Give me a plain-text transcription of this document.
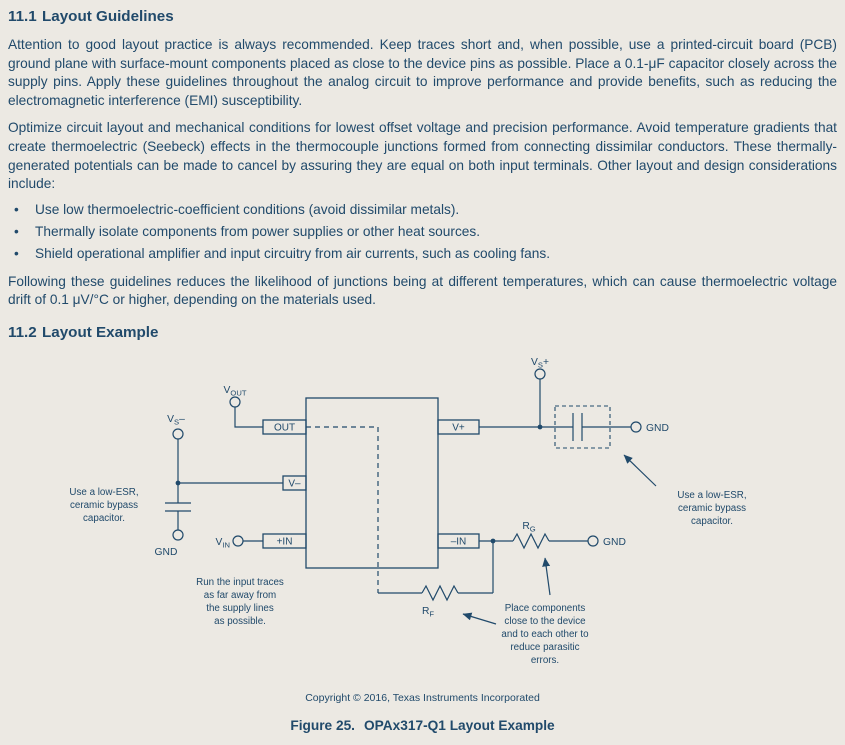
11.1 Layout Guidelines

Attention to good layout practice is always recommended. Keep traces short and, when possible, use a printed-circuit board (PCB) ground plane with surface-mount components placed as close to the device pins as possible. Place a 0.1-μF capacitor closely across the supply pins. Apply these guidelines throughout the analog circuit to improve performance and provide benefits, such as reducing the electromagnetic interference (EMI) susceptibility.

Optimize circuit layout and mechanical conditions for lowest offset voltage and precision performance. Avoid temperature gradients that create thermoelectric (Seebeck) effects in the thermocouple junctions formed from connecting dissimilar conductors. These thermally-generated potentials can be made to cancel by assuring they are equal on both input terminals. Other layout and design considerations include:

•	Use low thermoelectric-coefficient conditions (avoid dissimilar metals).
•	Thermally isolate components from power supplies or other heat sources.
•	Shield operational amplifier and input circuitry from air currents, such as cooling fans.

Following these guidelines reduces the likelihood of junctions being at different temperatures, which can cause thermoelectric voltage drift of 0.1 μV/°C or higher, depending on the materials used.

11.2 Layout Example
$V_S+$
$V_{OUT}$
OUT
V–
+IN
V+
–IN
$R_F$
GND
$V_S-$
GND
$V_{IN}$	GND
$R_G$
Use a low-ESR,
ceramic bypass
capacitor.
Use a low-ESR,
ceramic bypass
capacitor.
Run the input traces
as far away from
the supply lines
as possible.
Place components
close to the device
and to each other to
reduce parasitic
errors.
Copyright © 2016, Texas Instruments Incorporated
Figure 25. OPAx317-Q1 Layout Example
